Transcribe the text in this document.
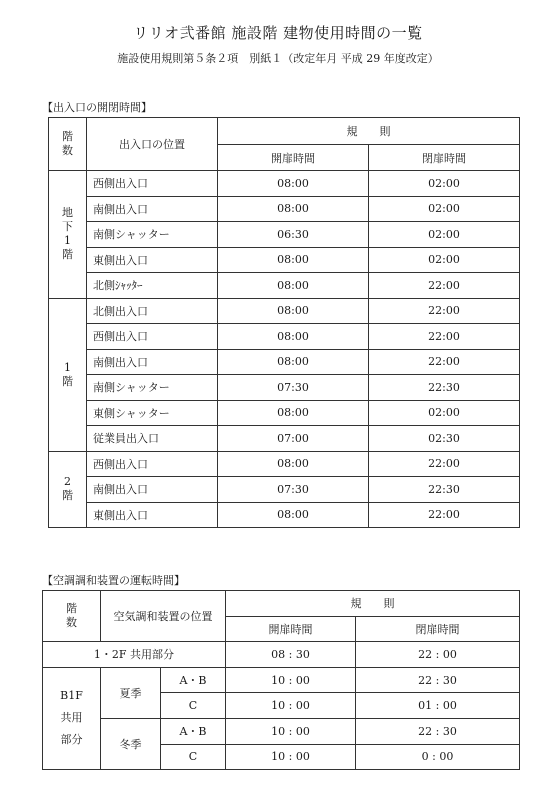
リリオ弐番館 施設階 建物使用時間の一覧
施設使用規則第５条２項　別紙１（改定年月 平成 29 年度改定）
【出入口の開閉時間】
階数	出入口の位置	規　　則	
		開扉時間	閉扉時間
地下1階	西側出入口	08:00	02:00
	南側出入口	08:00	02:00
	南側シャッター	06:30	02:00
	東側出入口	08:00	02:00
	北側ｼｬｯﾀｰ	08:00	22:00
1階	北側出入口	08:00	22:00
	西側出入口	08:00	22:00
	南側出入口	08:00	22:00
	南側シャッター	07:30	22:30
	東側シャッター	08:00	02:00
	従業員出入口	07:00	02:30
2階	西側出入口	08:00	22:00
	南側出入口	07:30	22:30
	東側出入口	08:00	22:00
【空調調和装置の運転時間】
階数	空気調和装置の位置		規　　則	
			開扉時間	閉扉時間
1・2F 共用部分			08 : 30	22 : 00

B1F
共用
部分	夏季	A・B	10 : 00	22 : 30
		C	10 : 00	01 : 00
	冬季	A・B	10 : 00	22 : 30
		C	10 : 00	0 : 00
